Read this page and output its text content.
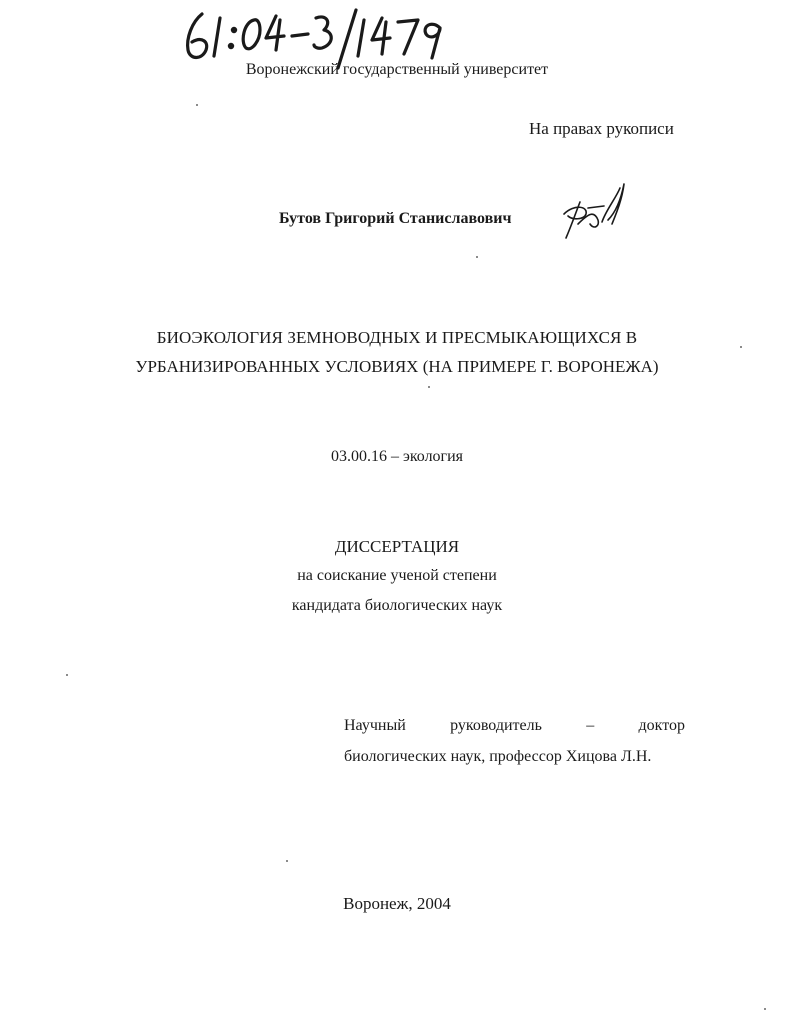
Воронежский государственный университет
На правах рукописи
Бутов Григорий Станиславович
БИОЭКОЛОГИЯ ЗЕМНОВОДНЫХ И ПРЕСМЫКАЮЩИХСЯ В
УРБАНИЗИРОВАННЫХ УСЛОВИЯХ (НА ПРИМЕРЕ Г. ВОРОНЕЖА)
03.00.16 – экология
ДИССЕРТАЦИЯ
на соискание ученой степени
кандидата биологических наук
Научный	руководитель	–	доктор
биологических наук, профессор Хицова Л.Н.
Воронеж, 2004
